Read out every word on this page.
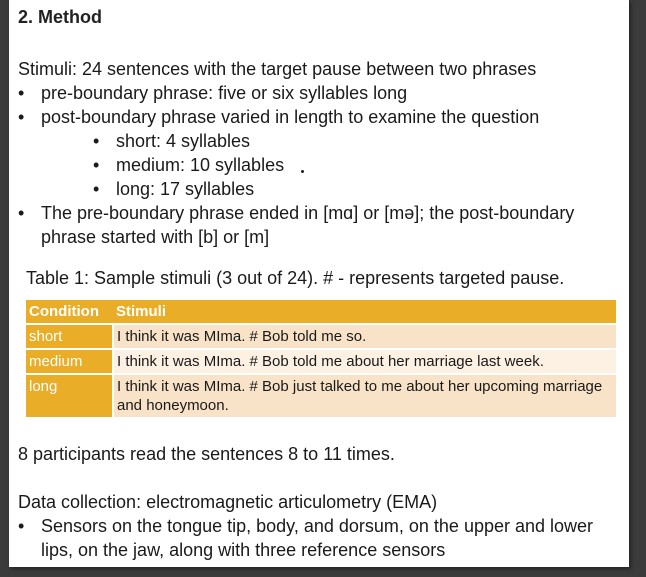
2. Method
Stimuli: 24 sentences with the target pause between two phrases
• pre-boundary phrase: five or six syllables long
• post-boundary phrase varied in length to examine the question
• short: 4 syllables
• medium: 10 syllables
• long: 17 syllables
• The pre-boundary phrase ended in [mɑ] or [mə]; the post-boundary
phrase started with [b] or [m]
Table 1: Sample stimuli (3 out of 24). # - represents targeted pause.
Condition	Stimuli
short	I think it was MIma. # Bob told me so.
medium	I think it was MIma. # Bob told me about her marriage last week.
long	I think it was MIma. # Bob just talked to me about her upcoming marriage and honeymoon.
8 participants read the sentences 8 to 11 times.
Data collection: electromagnetic articulometry (EMA)
• Sensors on the tongue tip, body, and dorsum, on the upper and lower
lips, on the jaw, along with three reference sensors
